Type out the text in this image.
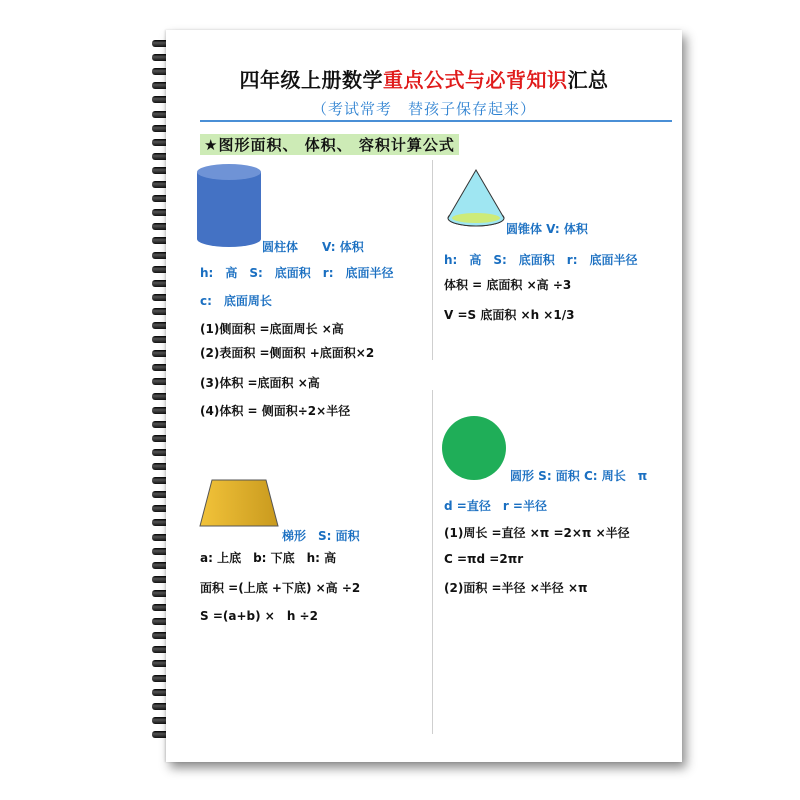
四年级上册数学重点公式与必背知识汇总
（考试常考　替孩子保存起来）
★图形面积、 体积、 容积计算公式
圆柱体　　V: 体积
h:　高　S:　底面积　r:　底面半径
c:　底面周长
(1)侧面积 =底面周长 ×高
(2)表面积 =侧面积 +底面积×2
(3)体积 =底面积 ×高
(4)体积 = 侧面积÷2×半径
圆锥体 V: 体积
h:　高　S:　底面积　r:　底面半径
体积 = 底面积 ×高 ÷3
V =S 底面积 ×h ×1/3
梯形　S: 面积
a: 上底　b: 下底　h: 高
面积 =(上底 +下底) ×高 ÷2
S =(a+b) ×　h ÷2
圆形 S: 面积 C: 周长　π
d =直径　r =半径
(1)周长 =直径 ×π =2×π ×半径
C =πd =2πr
(2)面积 =半径 ×半径 ×π
